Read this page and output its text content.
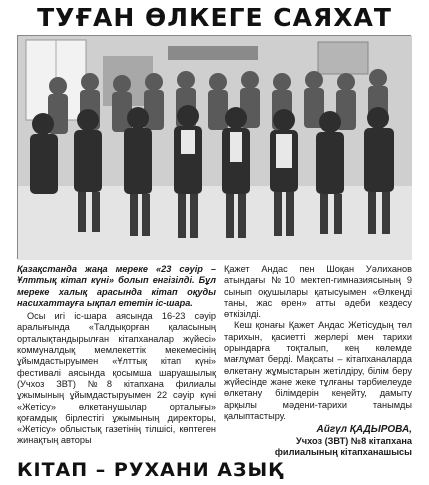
ТУҒАН ӨЛКЕГЕ САЯХАТ

Қазақстанда жаңа мереке «23 сәуір – Ұлттық кітап күні» болып енгізілді. Бұл мереке халық арасында кітап оқуды насихаттауға ықпал ететін іс-шара.

Осы игі іс-шара аясында 16-23 сәуір аралығында «Талдықорған қаласының орталықтандырылған кітапханалар жүйесі» коммуналдық мемлекеттік мекемесінің ұйымдастыруымен «Ұлттық кітап күні» фестивалі аясында қосымша шаруашылық (Учхоз ЗВТ) №8 кітапхана филиалы ұжымының ұйымдастыруымен 22 сәуір күні «Жетісу» өлкетанушылар орталығы» қоғамдық бірлестігі ұжымының директоры, «Жетісу» облыстық газетінің тілшісі, көптеген жинақтың авторы

Қажет Андас пен Шоқан Уәлиханов атындағы №10 мектеп-гимназиясының 9 сынып оқушылары қатысуымен «Өлкеңді таны, жас өрен» атты әдеби кездесу өткізілді.

Кеш қонағы Қажет Андас Жетісудың төл тарихын, қасиетті жерлері мен тарихи орындарға тоқталып, кең көлемде мағлұмат берді. Мақсаты – кітапханаларда өлкетану жұмыстарын жетілдіру, білім беру жүйесінде және жеке тұлғаны тәрбиелеуде өлкетану білімдерін кеңейту, дамыту арқылы мәдени-тарихи танымды қалыптастыру.

Айгүл ҚАДЫРОВА,
Учхоз (ЗВТ) №8 кітапхана
филиалының кітапханашысы
КІТАП – РУХАНИ АЗЫҚ
